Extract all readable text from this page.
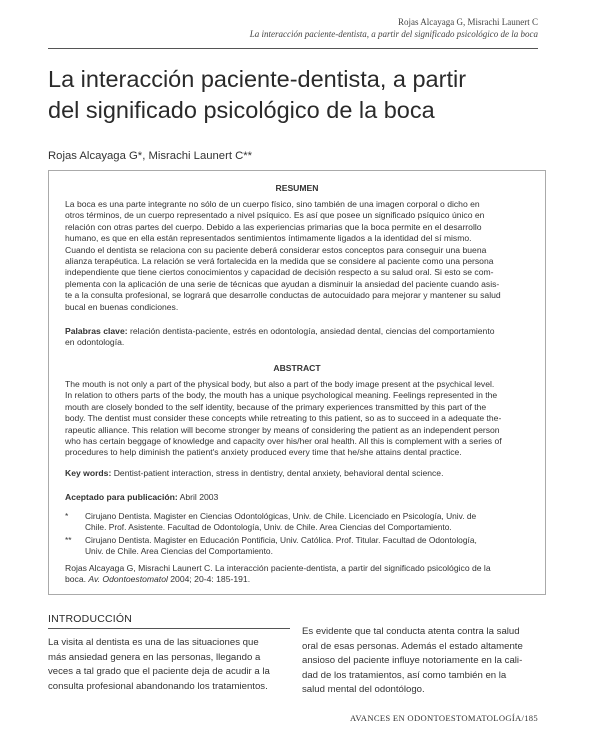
Rojas Alcayaga G, Misrachi Launert C
La interacción paciente-dentista, a partir del significado psicológico de la boca
La interacción paciente-dentista, a partir
del significado psicológico de la boca
Rojas Alcayaga G*, Misrachi Launert C**
RESUMEN
La boca es una parte integrante no sólo de un cuerpo físico, sino también de una imagen corporal o dicho en
otros términos, de un cuerpo representado a nivel psíquico. Es así que posee un significado psíquico único en
relación con otras partes del cuerpo. Debido a las experiencias primarias que la boca permite en el desarrollo
humano, es que en ella están representados sentimientos íntimamente ligados a la identidad del sí mismo.
Cuando el dentista se relaciona con su paciente deberá considerar estos conceptos para conseguir una buena
alianza terapéutica. La relación se verá fortalecida en la medida que se considere al paciente como una persona
independiente que tiene ciertos conocimientos y capacidad de decisión respecto a su salud oral. Si esto se com-
plementa con la aplicación de una serie de técnicas que ayudan a disminuir la ansiedad del paciente cuando asis-
te a la consulta profesional, se logrará que desarrolle conductas de autocuidado para mejorar y mantener su salud
bucal en buenas condiciones.
Palabras clave: relación dentista-paciente, estrés en odontología, ansiedad dental, ciencias del comportamiento
en odontología.
ABSTRACT
The mouth is not only a part of the physical body, but also a part of the body image present at the psychical level.
In relation to others parts of the body, the mouth has a unique psychological meaning. Feelings represented in the
mouth are closely bonded to the self identity, because of the primary experiences transmitted by this part of the
body. The dentist must consider these concepts while retreating to this patient, so as to succeed in a adequate the-
rapeutic alliance. This relation will become stronger by means of considering the patient as an independent person
who has certain beggage of knowledge and capacity over his/her oral health. All this is complement with a series of
procedures to help diminish the patient's anxiety produced every time that he/she attains dental practice.
Key words: Dentist-patient interaction, stress in dentistry, dental anxiety, behavioral dental science.
Aceptado para publicación: Abril 2003
* Cirujano Dentista. Magister en Ciencias Odontológicas, Univ. de Chile. Licenciado en Psicología, Univ. de
Chile. Prof. Asistente. Facultad de Odontología, Univ. de Chile. Area Ciencias del Comportamiento.
** Cirujano Dentista. Magister en Educación Pontificia, Univ. Católica. Prof. Titular. Facultad de Odontología,
Univ. de Chile. Area Ciencias del Comportamiento.
Rojas Alcayaga G, Misrachi Launert C. La interacción paciente-dentista, a partir del significado psicológico de la
boca. Av. Odontoestomatol 2004; 20-4: 185-191.
INTRODUCCIÓN
La visita al dentista es una de las situaciones que
más ansiedad genera en las personas, llegando a
veces a tal grado que el paciente deja de acudir a la
consulta profesional abandonando los tratamientos.
Es evidente que tal conducta atenta contra la salud
oral de esas personas. Además el estado altamente
ansioso del paciente influye notoriamente en la cali-
dad de los tratamientos, así como también en la
salud mental del odontólogo.
AVANCES EN ODONTOESTOMATOLOGÍA/185
